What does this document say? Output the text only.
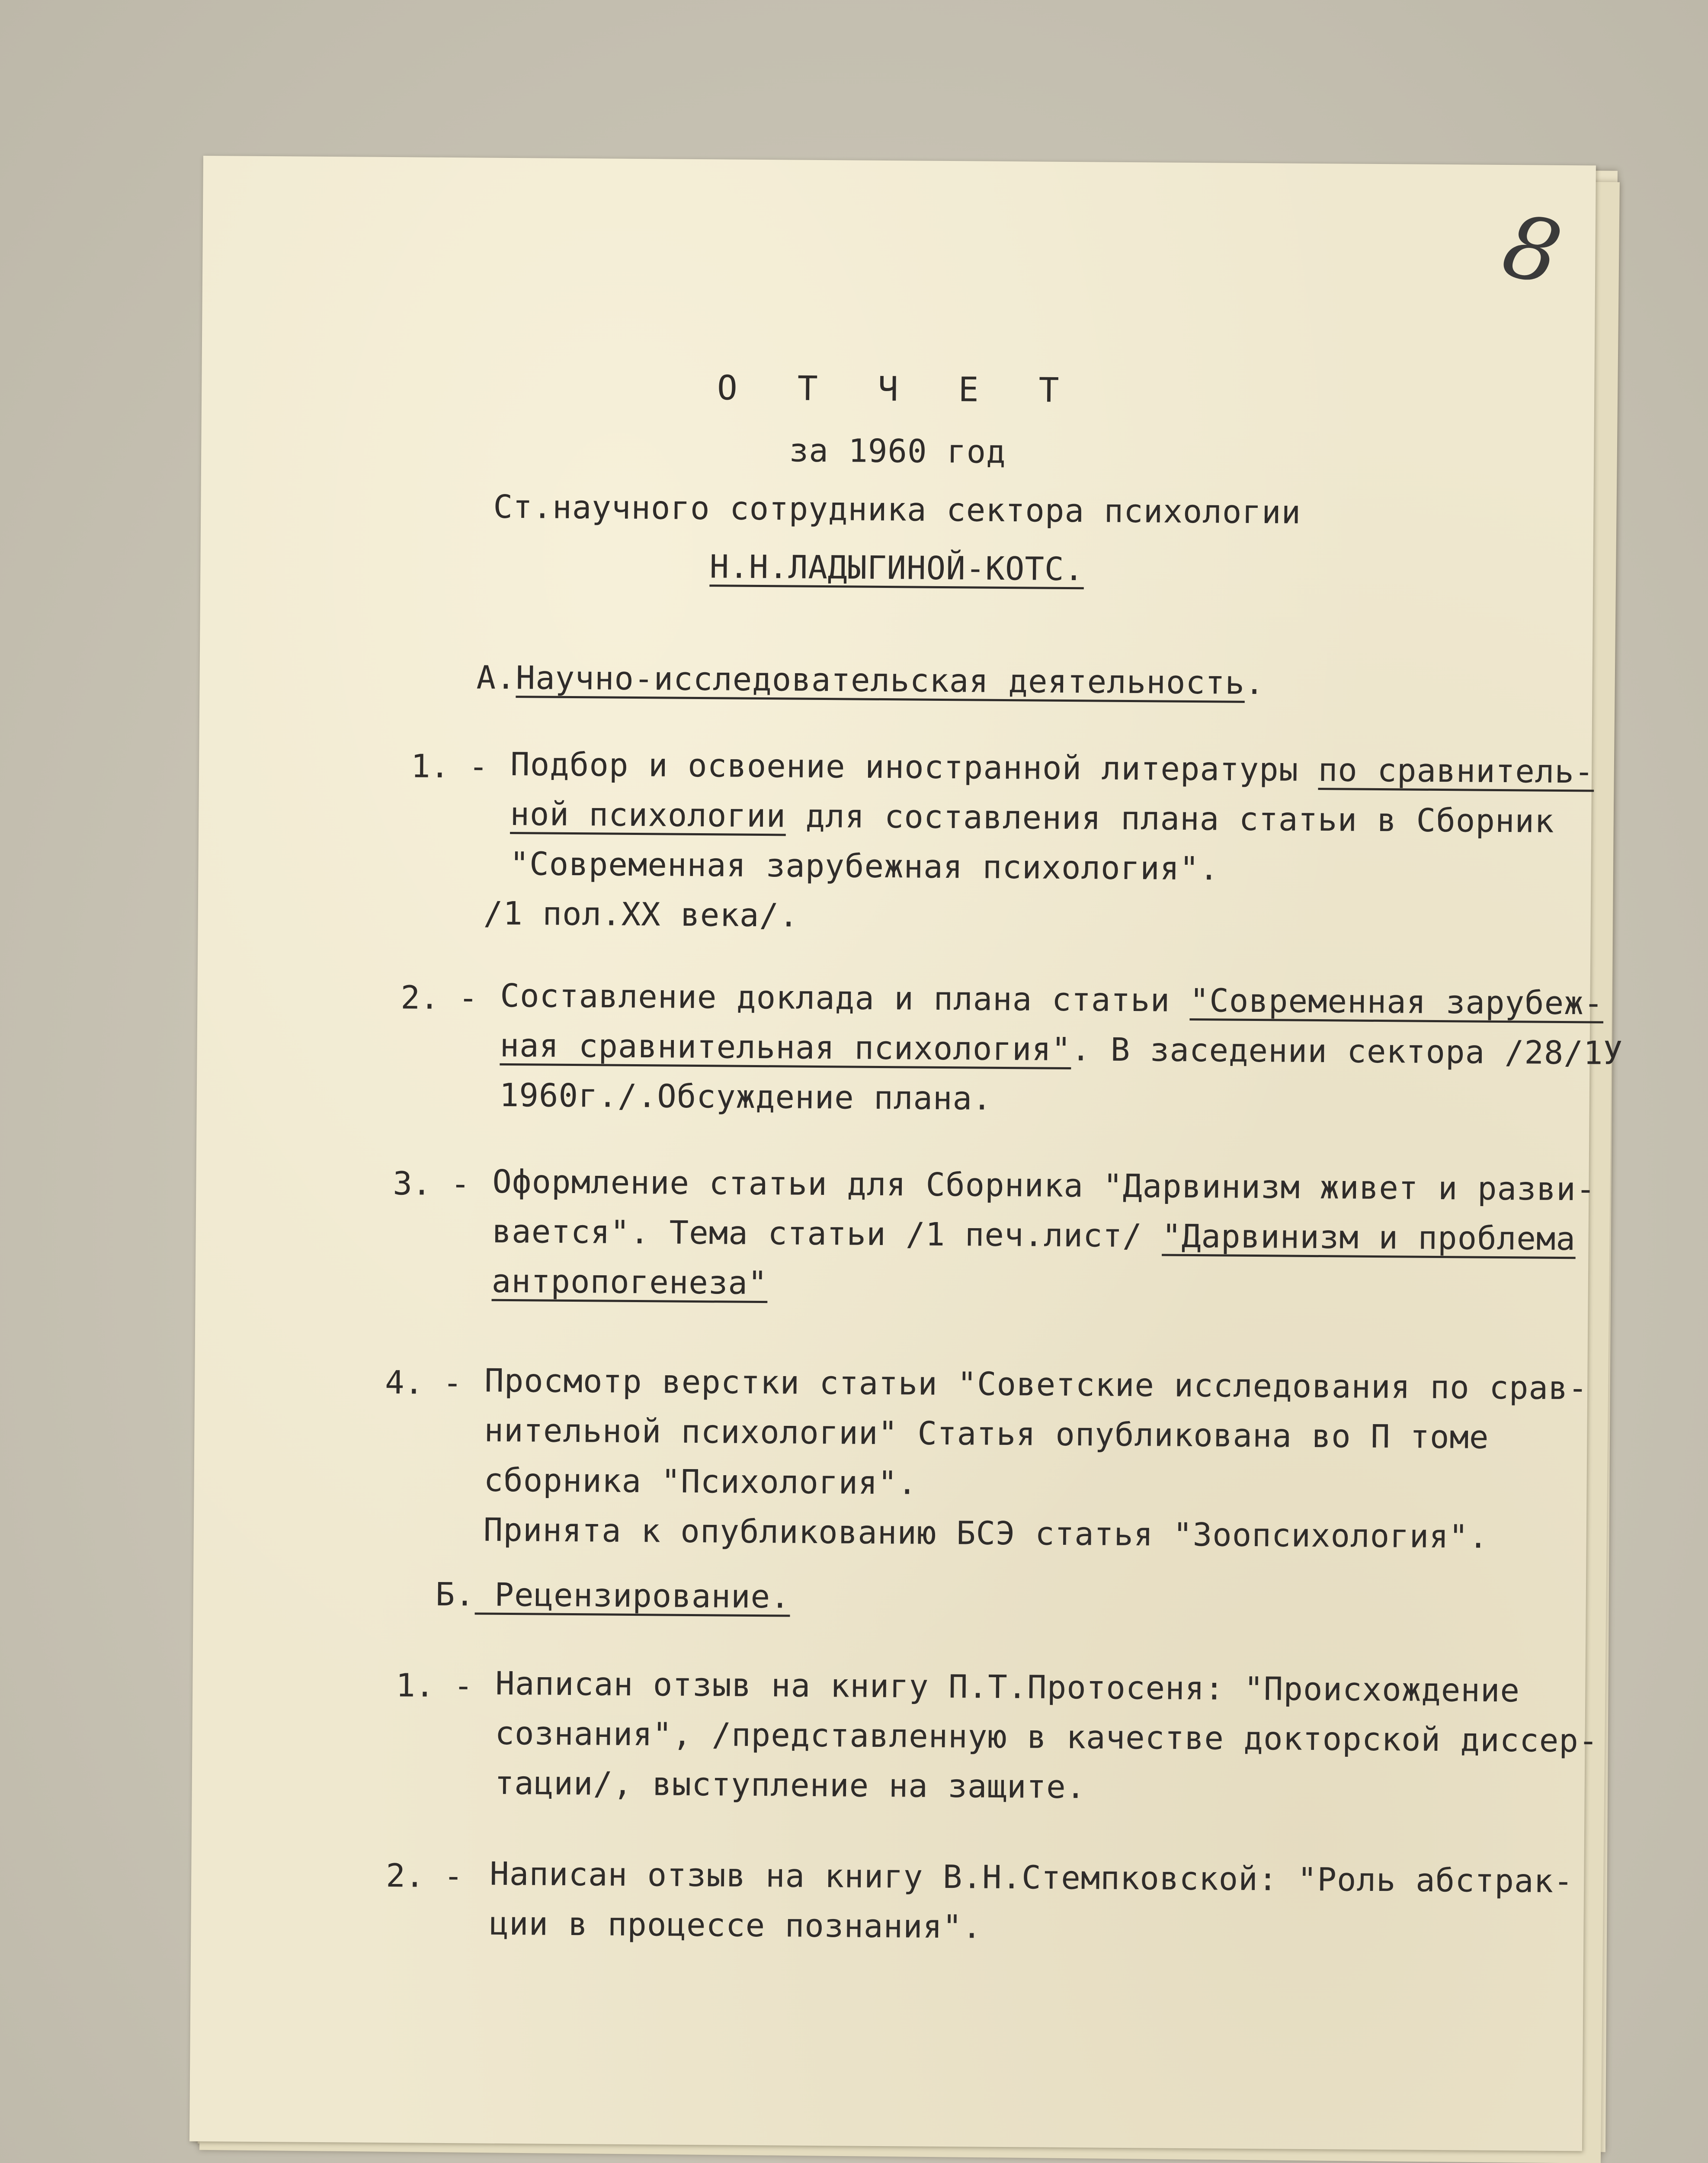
8
О Т Ч Е Т
за 1960 год
Ст.научного сотрудника сектора психологии
Н.Н.ЛАДЫГИНОЙ-КОТС.
А.Научно-исследовательская деятельность.
1. - Подбор и освоение иностранной литературы по сравнитель-
ной психологии для составления плана статьи в Сборник
"Современная зарубежная психология".
/1 пол.XX века/.
2. - Составление доклада и плана статьи "Современная зарубеж-
ная сравнительная психология". В заседении сектора /28/1У
1960г./.Обсуждение плана.
3. - Оформление статьи для Сборника "Дарвинизм живет и разви-
вается". Тема статьи /1 печ.лист/ "Дарвинизм и проблема
антропогенеза"
4. - Просмотр верстки статьи "Советские исследования по срав-
нительной психологии" Статья опубликована во П томе
сборника "Психология".
Принята к опубликованию БСЭ статья "Зоопсихология".
Б. Рецензирование.
1. - Написан отзыв на книгу П.Т.Протосеня: "Происхождение
сознания", /представленную в качестве докторской диссер-
тации/, выступление на защите.
2. - Написан отзыв на книгу В.Н.Стемпковской: "Роль абстрак-
ции в процессе познания".
